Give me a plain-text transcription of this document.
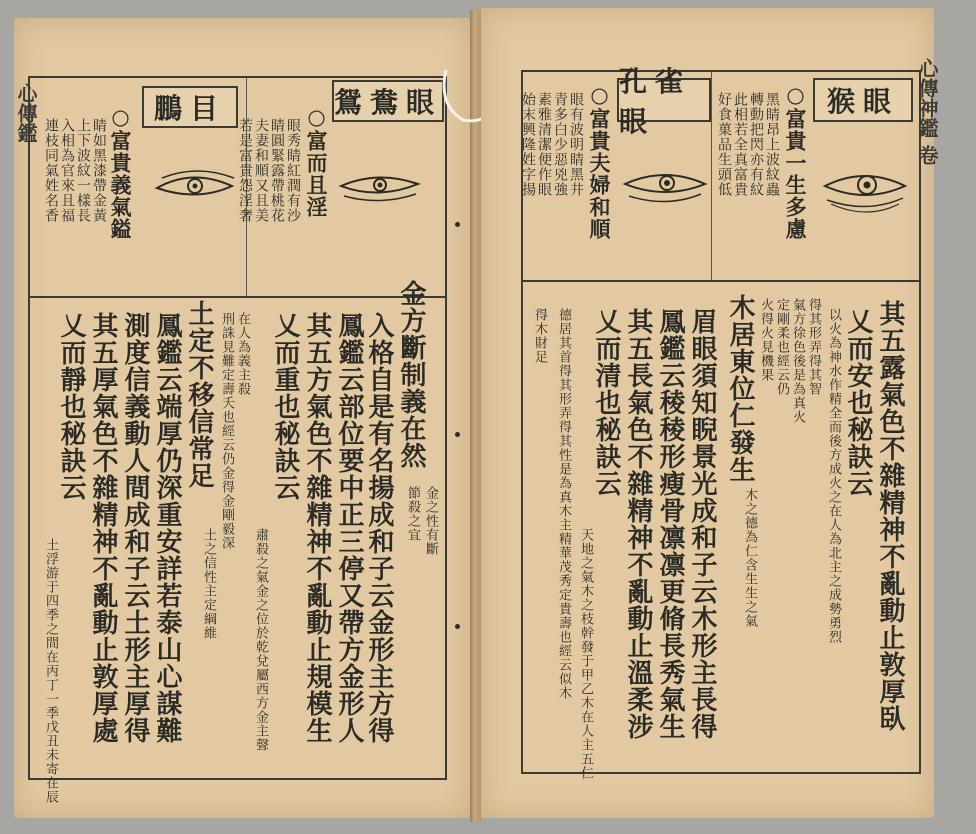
心傳鑑	鵬目
○富貴義氣鎰
睛如黑漆帶金黃
上下波紋一樣長
入相為官來且福
連枝同氣姓名香
鴛鴦眼
○富而且淫
眼秀睛紅潤有沙
睛圓緊露帶桃花
夫妻和順又且美
若是富貴怨淫奢
金方斷制義在然
金之性有斷
節殺之宜
入格自是有名揚成和子云金形主方得
鳳鑑云部位要中正三停又帶方金形人
其五方氣色不雜精神不亂動止規模生
乂而重也秘訣云
肅殺之氣金之位於乾兌屬西方金主聲
在人為義主殺
刑誅見難定壽夭也經云仍金得金剛毅深
土定不移信常足
土之信性主定綱維
鳳鑑云端厚仍深重安詳若泰山心謀難
測度信義動人間成和子云土形主厚得
其五厚氣色不雜精神不亂動止敦厚處
乂而靜也秘訣云
土浮游于四季之間在丙丁一季戊丑未寄在辰
心傳神鑑 卷
猴眼
○富貴一生多慮
黑睛昂上波紋蟲
轉動把閃亦有紋
此相若全真富貴
好食菓品生頭低
孔雀眼
○富貴夫婦和順
眼有波明睛黑井
青多白少惡兇強
素雅清潔便作眼
始末興隆姓字揚
其五露氣色不雜精神不亂動止敦厚臥
乂而安也秘訣云
以火為神水作精全而後方成火之在人為北主之成勢勇烈
得其形弄得其智
氣方徐色後是為真火
定剛柔也經云仍
火得火見機果
木居東位仁發生
木之德為仁含生生之氣
眉眼須知睨景光成和子云木形主長得
鳳鑑云稜稜形瘦骨凛凛更脩長秀氣生
其五長氣色不雜精神不亂動止溫柔涉
乂而清也秘訣云
天地之氣木之枝幹發于甲乙木在人主五仁
德居其首得其形弄得其性是為真木主精華茂秀定貴壽也經云似木
得木財足
